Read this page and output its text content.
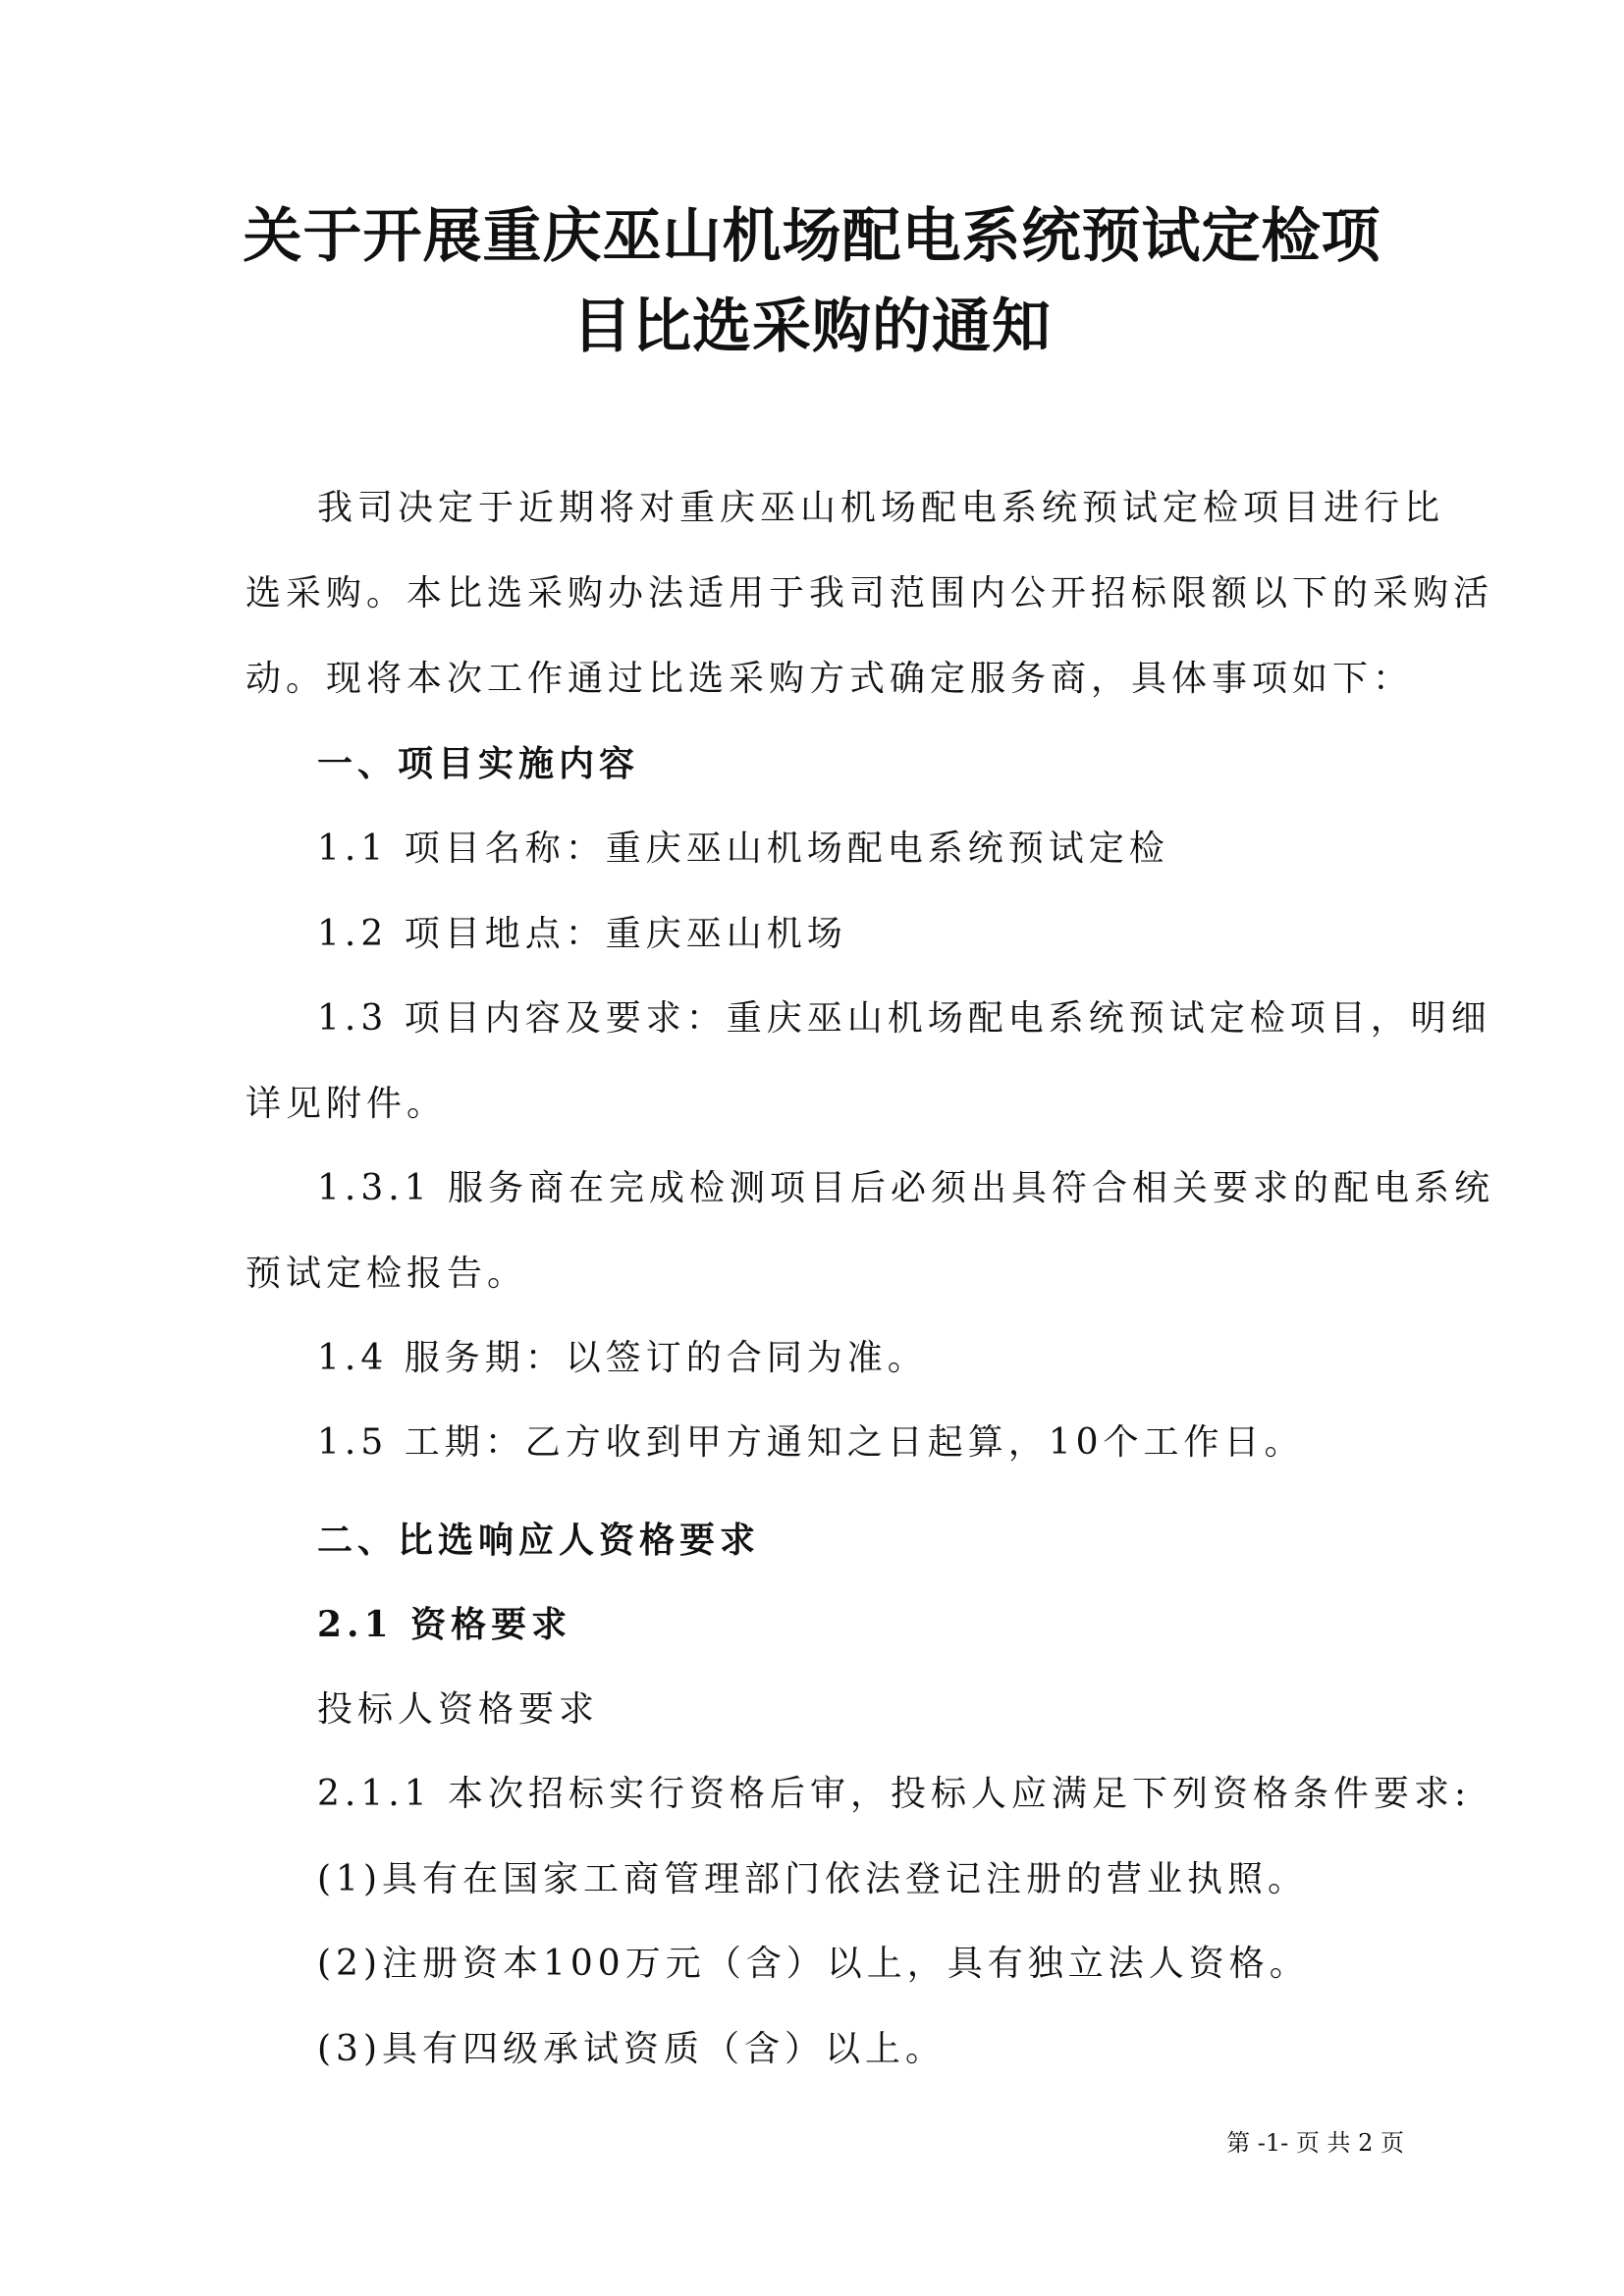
关于开展重庆巫山机场配电系统预试定检项
目比选采购的通知
我司决定于近期将对重庆巫山机场配电系统预试定检项目进行比
选采购。本比选采购办法适用于我司范围内公开招标限额以下的采购活
动。现将本次工作通过比选采购方式确定服务商，具体事项如下：
一、项目实施内容
1.1 项目名称：重庆巫山机场配电系统预试定检
1.2 项目地点：重庆巫山机场
1.3 项目内容及要求：重庆巫山机场配电系统预试定检项目，明细
详见附件。
1.3.1 服务商在完成检测项目后必须出具符合相关要求的配电系统
预试定检报告。
1.4 服务期：以签订的合同为准。
1.5 工期：乙方收到甲方通知之日起算，10个工作日。
二、比选响应人资格要求
2.1 资格要求
投标人资格要求
2.1.1 本次招标实行资格后审，投标人应满足下列资格条件要求:
(1)具有在国家工商管理部门依法登记注册的营业执照。
(2)注册资本100万元（含）以上，具有独立法人资格。
(3)具有四级承试资质（含）以上。
第 -1- 页 共 2 页
